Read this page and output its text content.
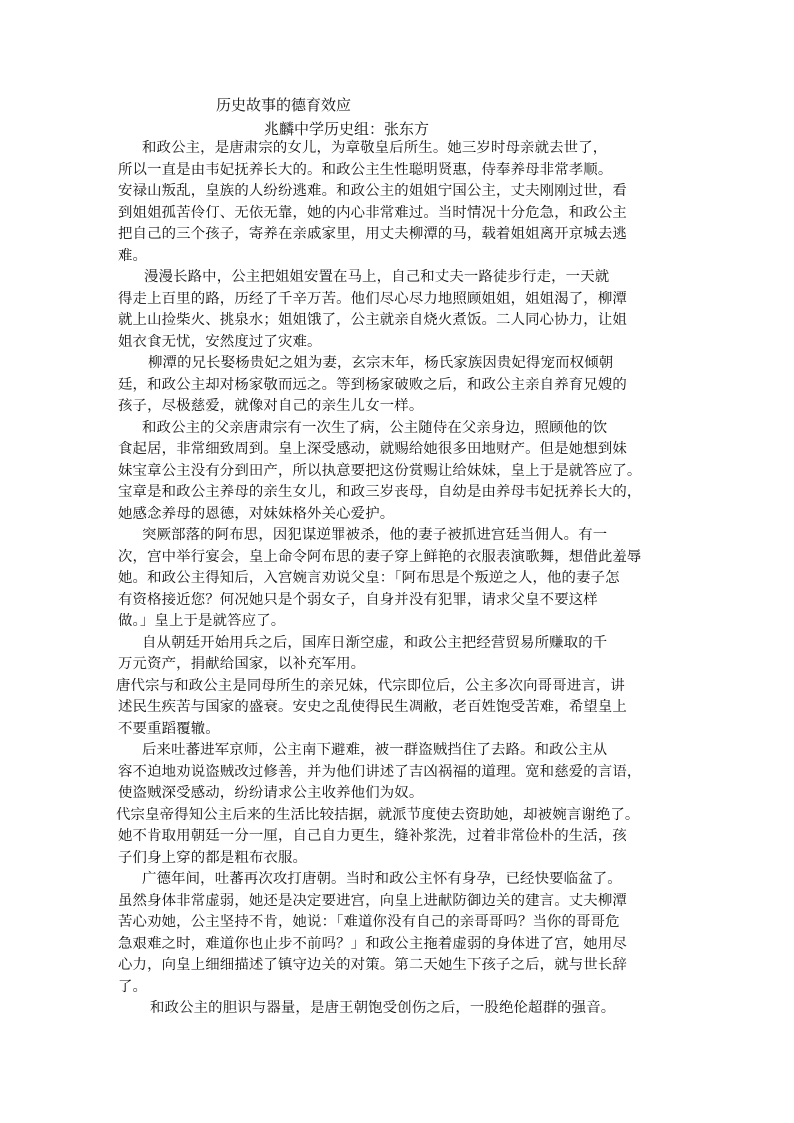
历史故事的德育效应
兆麟中学历史组：张东方
和政公主，是唐肃宗的女儿，为章敬皇后所生。她三岁时母亲就去世了，
所以一直是由韦妃抚养长大的。和政公主生性聪明贤惠，侍奉养母非常孝顺。
安禄山叛乱，皇族的人纷纷逃难。和政公主的姐姐宁国公主，丈夫刚刚过世，看
到姐姐孤苦伶仃、无依无靠，她的内心非常难过。当时情况十分危急，和政公主
把自己的三个孩子，寄养在亲戚家里，用丈夫柳潭的马，载着姐姐离开京城去逃
难。
漫漫长路中，公主把姐姐安置在马上，自己和丈夫一路徒步行走，一天就
得走上百里的路，历经了千辛万苦。他们尽心尽力地照顾姐姐，姐姐渴了，柳潭
就上山捡柴火、挑泉水；姐姐饿了，公主就亲自烧火煮饭。二人同心协力，让姐
姐衣食无忧，安然度过了灾难。
柳潭的兄长娶杨贵妃之姐为妻，玄宗末年，杨氏家族因贵妃得宠而权倾朝
廷，和政公主却对杨家敬而远之。等到杨家破败之后，和政公主亲自养育兄嫂的
孩子，尽极慈爱，就像对自己的亲生儿女一样。
和政公主的父亲唐肃宗有一次生了病，公主随侍在父亲身边，照顾他的饮
食起居，非常细致周到。皇上深受感动，就赐给她很多田地财产。但是她想到妹
妹宝章公主没有分到田产，所以执意要把这份赏赐让给妹妹，皇上于是就答应了。
宝章是和政公主养母的亲生女儿，和政三岁丧母，自幼是由养母韦妃抚养长大的，
她感念养母的恩德，对妹妹格外关心爱护。
突厥部落的阿布思，因犯谋逆罪被杀，他的妻子被抓进宫廷当佣人。有一
次，宫中举行宴会，皇上命令阿布思的妻子穿上鲜艳的衣服表演歌舞，想借此羞辱
她。和政公主得知后，入宫婉言劝说父皇：「阿布思是个叛逆之人，他的妻子怎
有资格接近您？何况她只是个弱女子，自身并没有犯罪，请求父皇不要这样
做。」皇上于是就答应了。
自从朝廷开始用兵之后，国库日渐空虚，和政公主把经营贸易所赚取的千
万元资产，捐献给国家，以补充军用。
唐代宗与和政公主是同母所生的亲兄妹，代宗即位后，公主多次向哥哥进言，讲
述民生疾苦与国家的盛衰。安史之乱使得民生凋敝，老百姓饱受苦难，希望皇上
不要重蹈覆辙。
后来吐蕃进军京师，公主南下避难，被一群盗贼挡住了去路。和政公主从
容不迫地劝说盗贼改过修善，并为他们讲述了吉凶祸福的道理。宽和慈爱的言语，
使盗贼深受感动，纷纷请求公主收养他们为奴。
代宗皇帝得知公主后来的生活比较拮据，就派节度使去资助她，却被婉言谢绝了。
她不肯取用朝廷一分一厘，自己自力更生，缝补浆洗，过着非常俭朴的生活，孩
子们身上穿的都是粗布衣服。
广德年间，吐蕃再次攻打唐朝。当时和政公主怀有身孕，已经快要临盆了。
虽然身体非常虚弱，她还是决定要进宫，向皇上进献防御边关的建言。丈夫柳潭
苦心劝她，公主坚持不肯，她说：「难道你没有自己的亲哥哥吗？当你的哥哥危
急艰难之时，难道你也止步不前吗？」和政公主拖着虚弱的身体进了宫，她用尽
心力，向皇上细细描述了镇守边关的对策。第二天她生下孩子之后，就与世长辞
了。
和政公主的胆识与器量，是唐王朝饱受创伤之后，一股绝伦超群的强音。
